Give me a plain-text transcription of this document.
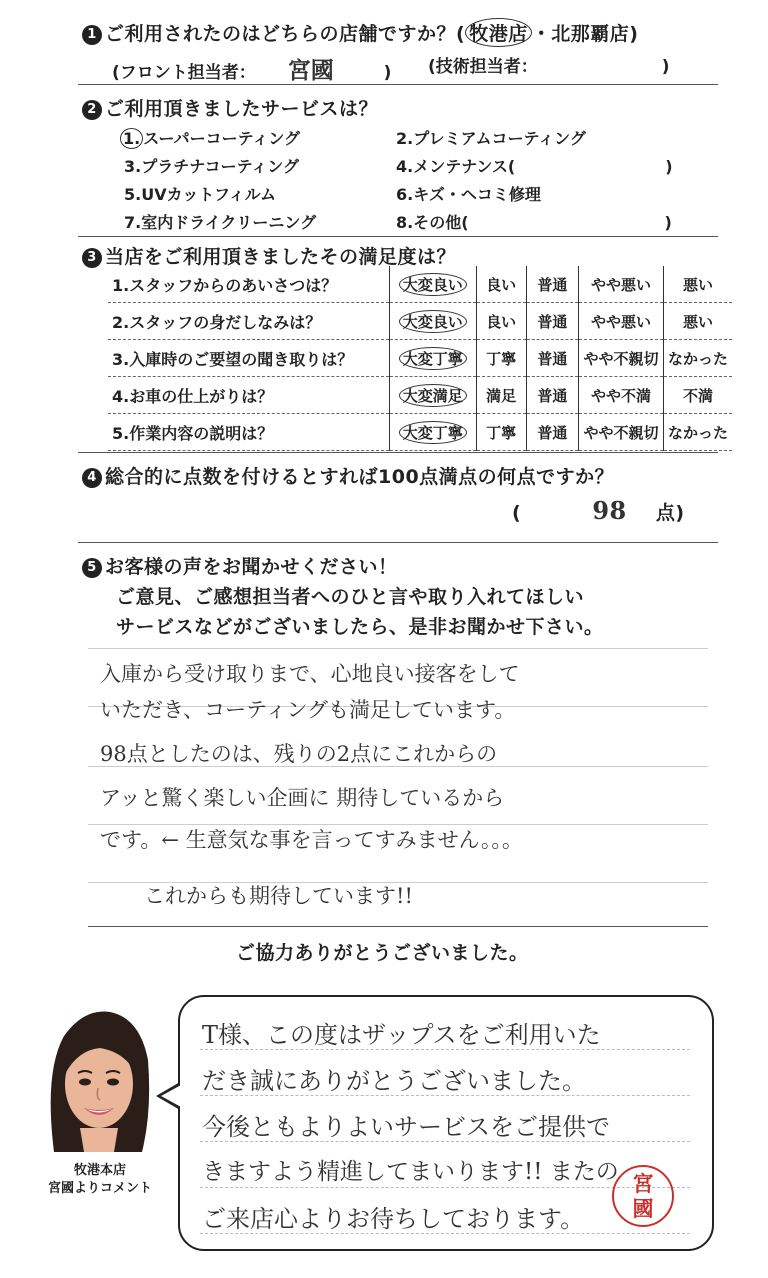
1 ご利用されたのはどちらの店舗ですか？( 牧港店 ・北那覇店)
(フロント担当者： 宮國	) (技術担当者：	)
2 ご利用頂きましたサービスは？
1. スーパーコーティング	2.プレミアムコーティング
3.プラチナコーティング	4.メンテナンス(	)
5.UVカットフィルム	6.キズ・ヘコミ修理
7.室内ドライクリーニング	8.その他(	)
3 当店をご利用頂きましたその満足度は？
1.スタッフからのあいさつは？	大変良い	良い	普通	やや悪い	悪い
2.スタッフの身だしなみは？	大変良い	良い	普通	やや悪い	悪い
3.入庫時のご要望の聞き取りは？	大変丁寧	丁寧	普通	やや不親切	なかった
4.お車の仕上がりは？	大変満足	満足	普通	やや不満	不満
5.作業内容の説明は？	大変丁寧	丁寧	普通	やや不親切	なかった
4 総合的に点数を付けるとすれば100点満点の何点ですか？
(	98 点)
5 お客様の声をお聞かせください！
ご意見、ご感想担当者へのひと言や取り入れてほしい
サービスなどがございましたら、是非お聞かせ下さい。
入庫から受け取りまで、心地良い接客をして
いただき、コーティングも満足しています。
98点としたのは、残りの2点にこれからの
アッと驚く楽しい企画に 期待しているから
です。← 生意気な事を言ってすみません。。。
これからも期待しています!!
ご協力ありがとうございました。
牧港本店
宮國よりコメント
T様、この度はザップスをご利用いた
だき誠にありがとうございました。
今後ともよりよいサービスをご提供で
きますよう精進してまいります!! またの
ご来店心よりお待ちしております。
宮國
